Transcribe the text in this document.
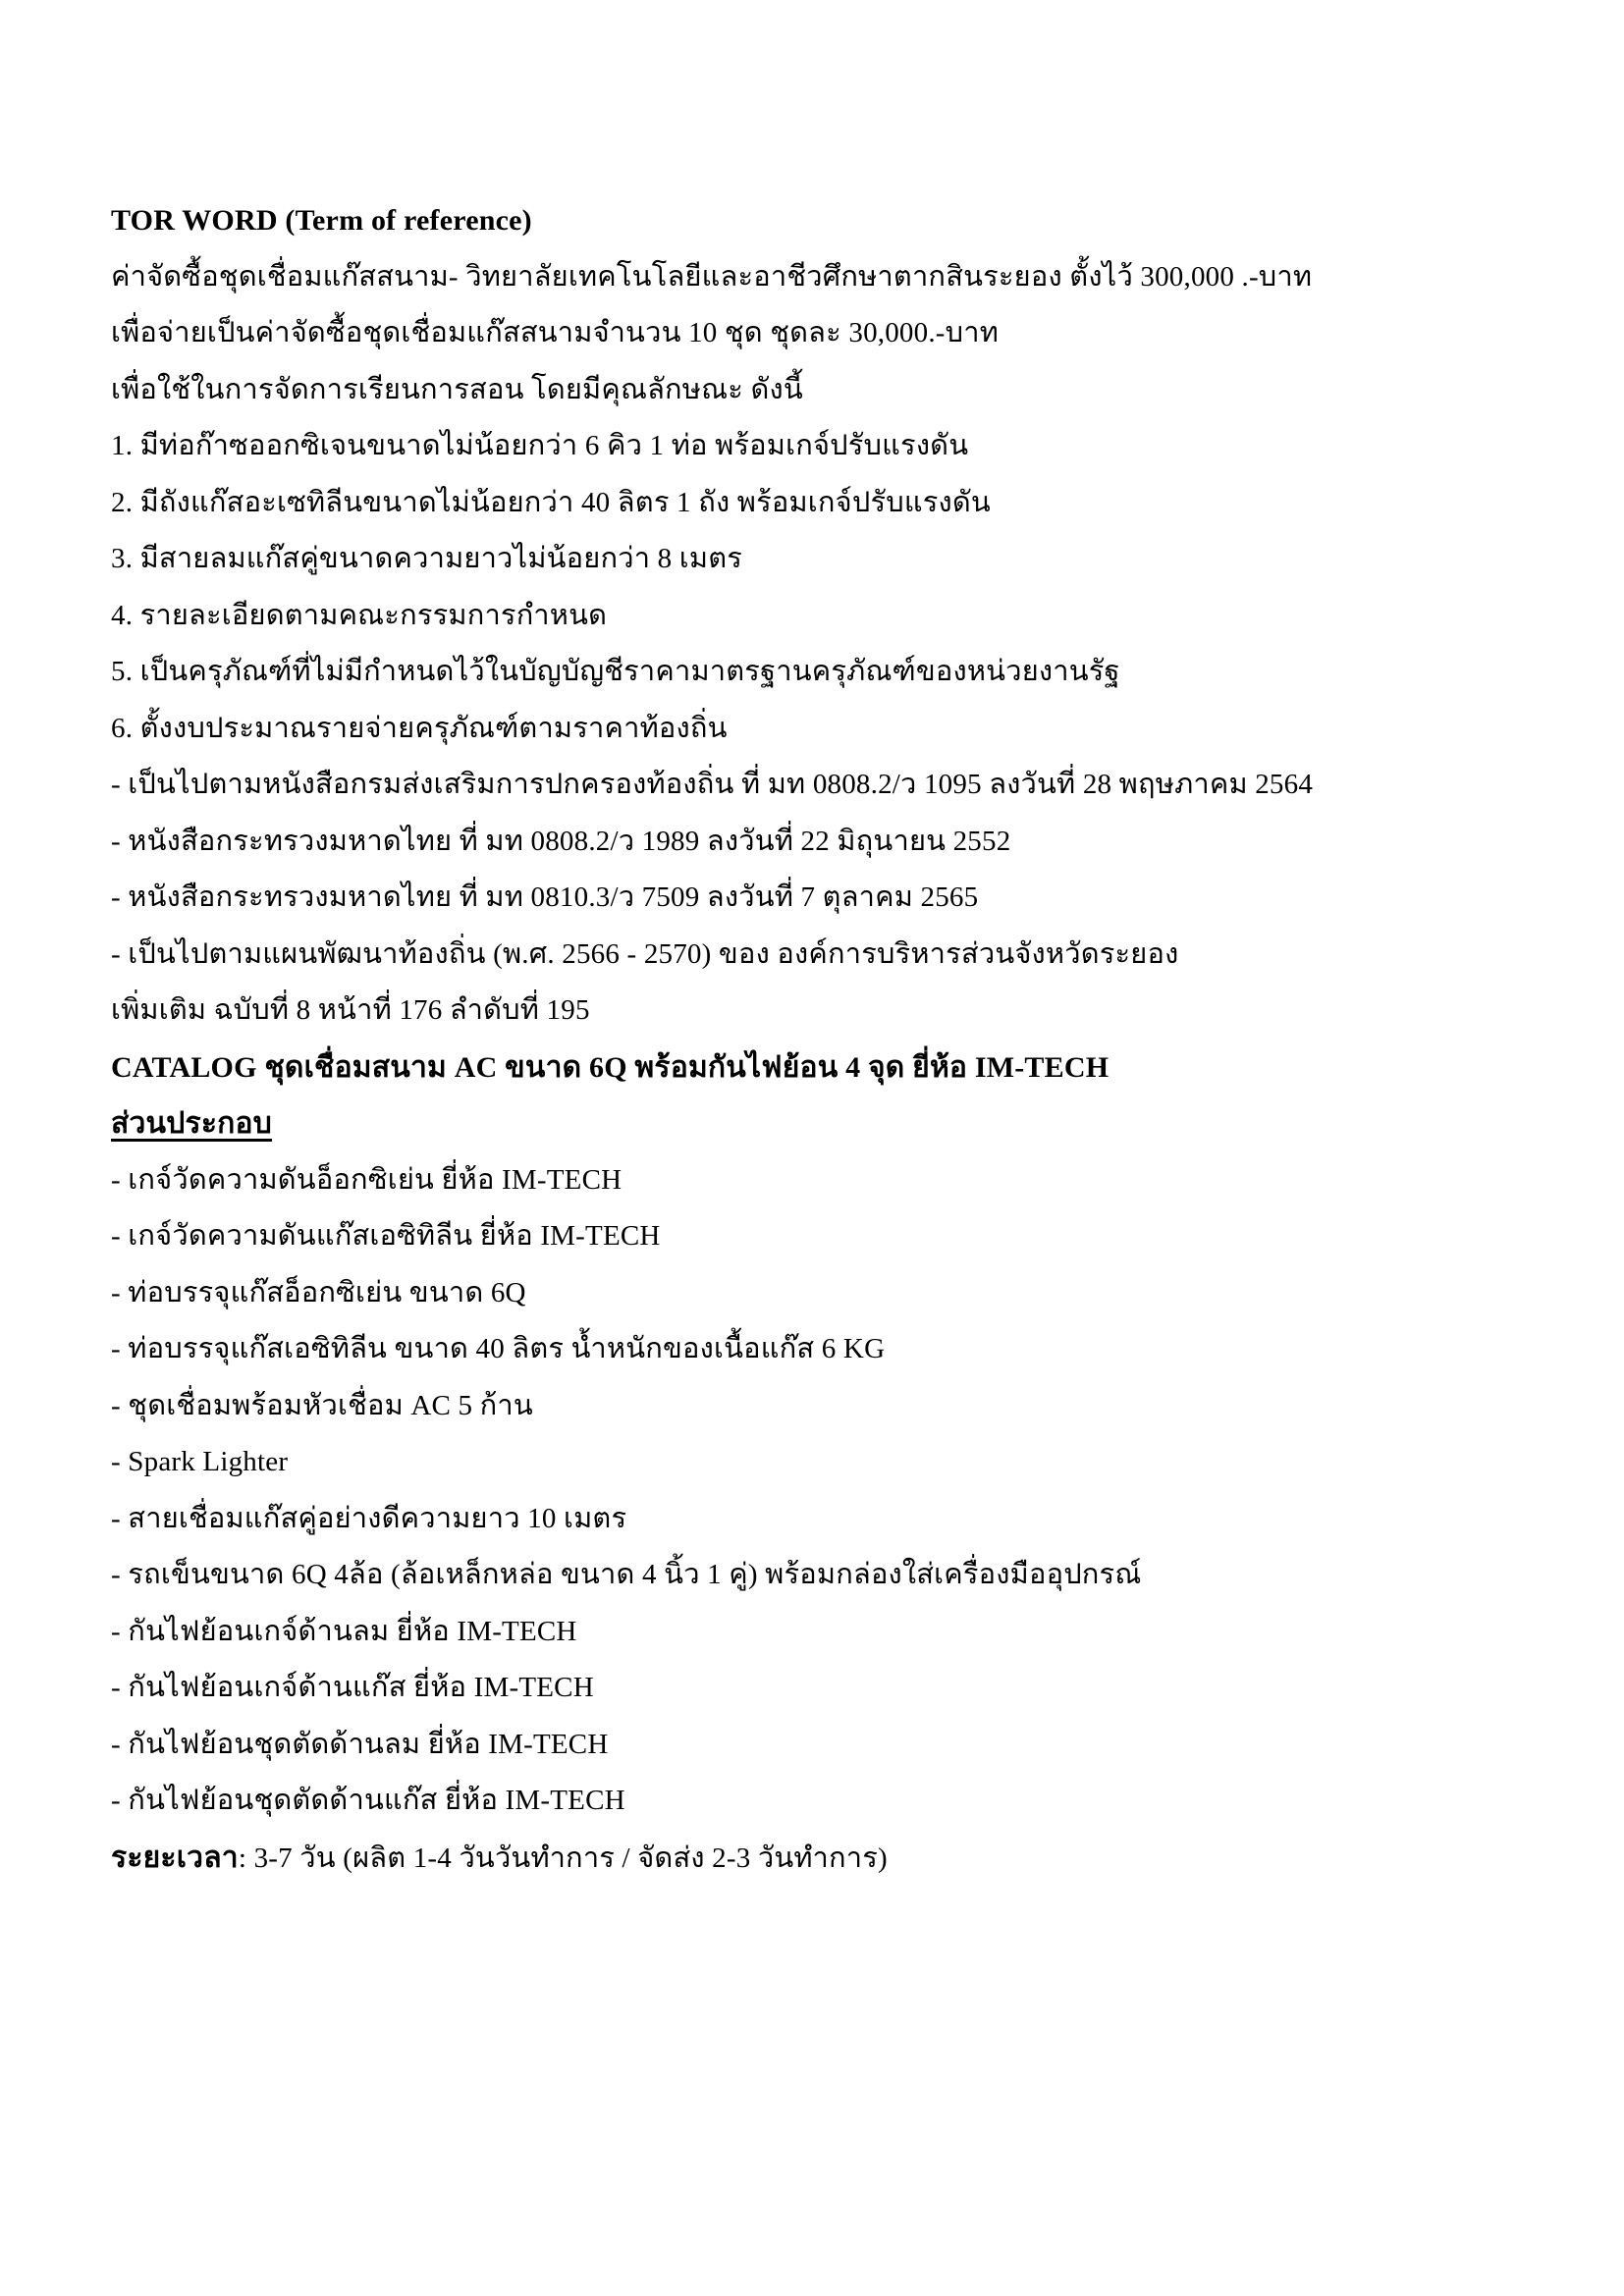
TOR WORD (Term of reference)
ค่าจัดซื้อชุดเชื่อมแก๊สสนาม- วิทยาลัยเทคโนโลยีและอาชีวศึกษาตากสินระยอง ตั้งไว้ 300,000 .-บาท
เพื่อจ่ายเป็นค่าจัดซื้อชุดเชื่อมแก๊สสนามจำนวน 10 ชุด ชุดละ 30,000.-บาท
เพื่อใช้ในการจัดการเรียนการสอน โดยมีคุณลักษณะ ดังนี้
1. มีท่อก๊าซออกซิเจนขนาดไม่น้อยกว่า 6 คิว 1 ท่อ พร้อมเกจ์ปรับแรงดัน
2. มีถังแก๊สอะเซทิลีนขนาดไม่น้อยกว่า 40 ลิตร 1 ถัง พร้อมเกจ์ปรับแรงดัน
3. มีสายลมแก๊สคู่ขนาดความยาวไม่น้อยกว่า 8 เมตร
4. รายละเอียดตามคณะกรรมการกำหนด
5. เป็นครุภัณฑ์ที่ไม่มีกำหนดไว้ในบัญบัญชีราคามาตรฐานครุภัณฑ์ของหน่วยงานรัฐ
6. ตั้งงบประมาณรายจ่ายครุภัณฑ์ตามราคาท้องถิ่น
- เป็นไปตามหนังสือกรมส่งเสริมการปกครองท้องถิ่น ที่ มท 0808.2/ว 1095 ลงวันที่ 28 พฤษภาคม 2564
- หนังสือกระทรวงมหาดไทย ที่ มท 0808.2/ว 1989 ลงวันที่ 22 มิถุนายน 2552
- หนังสือกระทรวงมหาดไทย ที่ มท 0810.3/ว 7509 ลงวันที่ 7 ตุลาคม 2565
- เป็นไปตามแผนพัฒนาท้องถิ่น (พ.ศ. 2566 - 2570) ของ องค์การบริหารส่วนจังหวัดระยอง
เพิ่มเติม ฉบับที่ 8 หน้าที่ 176 ลำดับที่ 195
CATALOG ชุดเชื่อมสนาม AC ขนาด 6Q พร้อมกันไฟย้อน 4 จุด ยี่ห้อ IM-TECH
ส่วนประกอบ
- เกจ์วัดความดันอ็อกซิเย่น ยี่ห้อ IM-TECH
- เกจ์วัดความดันแก๊สเอซิทิลีน ยี่ห้อ IM-TECH
- ท่อบรรจุแก๊สอ็อกซิเย่น ขนาด 6Q
- ท่อบรรจุแก๊สเอซิทิลีน ขนาด 40 ลิตร น้ำหนักของเนื้อแก๊ส 6 KG
- ชุดเชื่อมพร้อมหัวเชื่อม AC 5 ก้าน
- Spark Lighter
- สายเชื่อมแก๊สคู่อย่างดีความยาว 10 เมตร
- รถเข็นขนาด 6Q 4ล้อ (ล้อเหล็กหล่อ ขนาด 4 นิ้ว 1 คู่) พร้อมกล่องใส่เครื่องมืออุปกรณ์
- กันไฟย้อนเกจ์ด้านลม ยี่ห้อ IM-TECH
- กันไฟย้อนเกจ์ด้านแก๊ส ยี่ห้อ IM-TECH
- กันไฟย้อนชุดตัดด้านลม ยี่ห้อ IM-TECH
- กันไฟย้อนชุดตัดด้านแก๊ส ยี่ห้อ IM-TECH
ระยะเวลา: 3-7 วัน (ผลิต 1-4 วันวันทำการ / จัดส่ง 2-3 วันทำการ)
